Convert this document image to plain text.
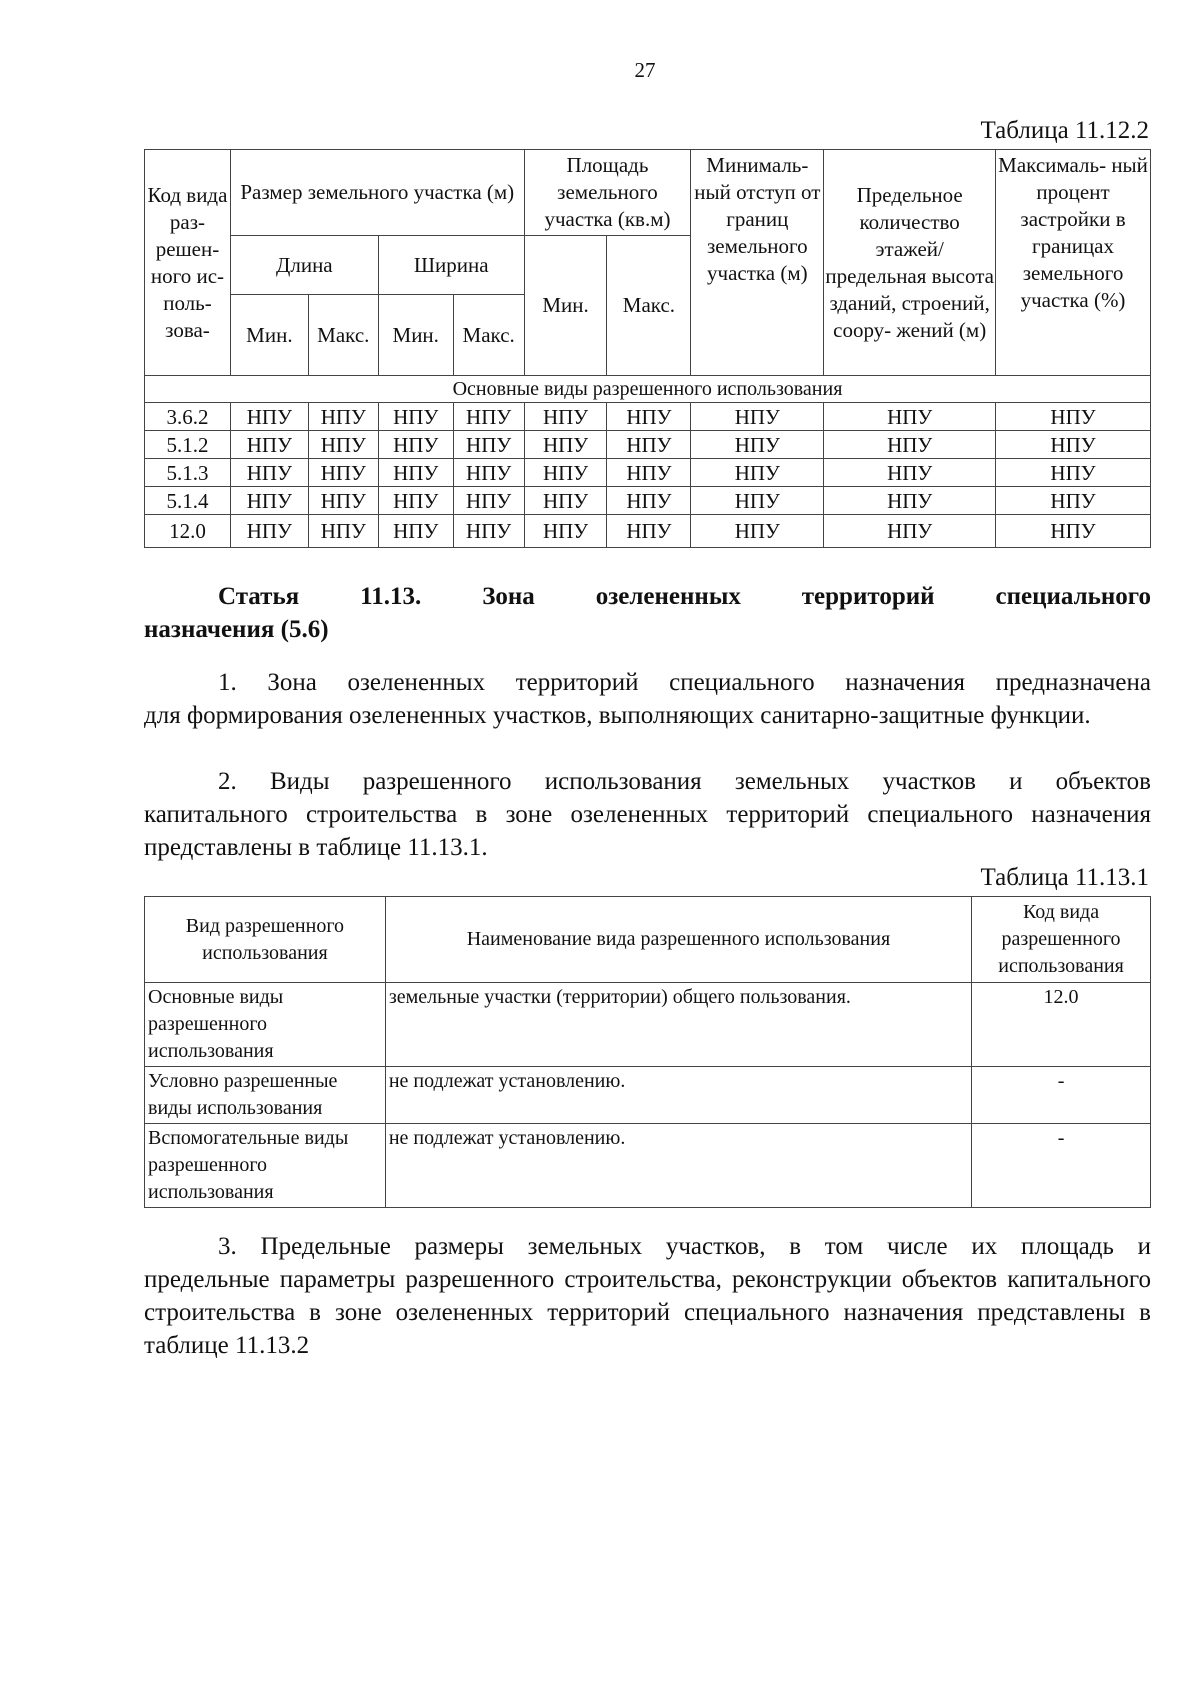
27
Таблица 11.12.2
Код вида раз- решен- ного ис- поль- зова-	Размер земельного участка (м)				Площадь земельного участка (кв.м)		Минималь- ный отступ от границ земельного участка (м)	Предельное количество этажей/ предельная высота зданий, строений, соору- жений (м)	Максималь- ный процент застройки в границах земельного участка (%)
	Длина		Ширина		Мин.	Макс.			
	Мин.	Макс.	Мин.	Макс.					
Основные виды разрешенного использования									
3.6.2	НПУ	НПУ	НПУ	НПУ	НПУ	НПУ	НПУ	НПУ	НПУ
5.1.2	НПУ	НПУ	НПУ	НПУ	НПУ	НПУ	НПУ	НПУ	НПУ
5.1.3	НПУ	НПУ	НПУ	НПУ	НПУ	НПУ	НПУ	НПУ	НПУ
5.1.4	НПУ	НПУ	НПУ	НПУ	НПУ	НПУ	НПУ	НПУ	НПУ
12.0	НПУ	НПУ	НПУ	НПУ	НПУ	НПУ	НПУ	НПУ	НПУ
Статья 11.13. Зона озелененных территорий специального
назначения (5.6)
1. Зона озелененных территорий специального назначения предназначена
для формирования озелененных участков, выполняющих санитарно-защитные функции.
2. Виды разрешенного использования земельных участков и объектов
капитального строительства в зоне озелененных территорий специального назначения представлены в таблице 11.13.1.
Таблица 11.13.1
Вид разрешенного использования	Наименование вида разрешенного использования	Код вида разрешенного использования
Основные виды разрешенного использования	земельные участки (территории) общего пользования.	12.0
Условно разрешенные виды использования	не подлежат установлению.	-
Вспомогательные виды разрешенного использования	не подлежат установлению.	-
3. Предельные размеры земельных участков, в том числе их площадь и
предельные параметры разрешенного строительства, реконструкции объектов капитального строительства в зоне озелененных территорий специального назначения представлены в таблице 11.13.2
